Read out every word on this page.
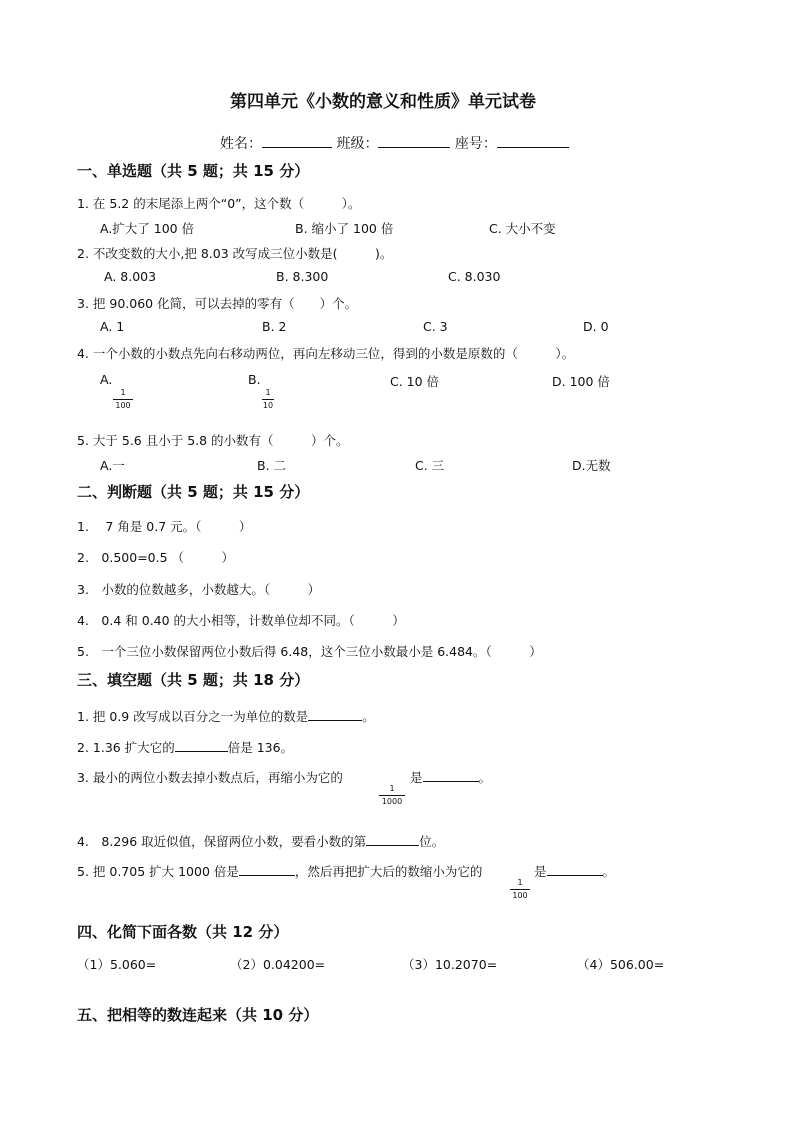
第四单元《小数的意义和性质》单元试卷
姓名：	班级：	座号：
一、单选题（共 5 题；共 15 分）
1. 在 5.2 的末尾添上两个“0”，这个数（　　　）。
A.扩大了 100 倍	B. 缩小了 100 倍	C. 大小不变
2. 不改变数的大小,把 8.03 改写成三位小数是(　　　)。
A. 8.003	B. 8.300	C. 8.030
3. 把 90.060 化简，可以去掉的零有（　　）个。
A. 1	B. 2	C. 3	D. 0
4. 一个小数的小数点先向右移动两位，再向左移动三位，得到的小数是原数的（　　　）。
A.
1
100
B.
1
10
C. 10 倍	D. 100 倍
5. 大于 5.6 且小于 5.8 的小数有（　　　）个。
A.一	B. 二	C. 三	D.无数
二、判断题（共 5 题；共 15 分）
1.　 7 角是 0.7 元。（　　　）
2.　0.500=0.5 （　　　）
3.　小数的位数越多，小数越大。（　　　）
4.　0.4 和 0.40 的大小相等，计数单位却不同。（　　　）
5.　一个三位小数保留两位小数后得 6.48，这个三位小数最小是 6.484。（　　　）
三、填空题（共 5 题；共 18 分）
1. 把 0.9 改写成以百分之一为单位的数是	。
2. 1.36 扩大它的	倍是 136。
3. 最小的两位小数去掉小数点后，再缩小为它的
1
1000
是	。
4.　8.296 取近似值，保留两位小数，要看小数的第	位。
5. 把 0.705 扩大 1000 倍是	，然后再把扩大后的数缩小为它的
1
100
是	。
四、化简下面各数（共 12 分）
（1）5.060=	（2）0.04200=	（3）10.2070=	（4）506.00=
五、把相等的数连起来（共 10 分）
